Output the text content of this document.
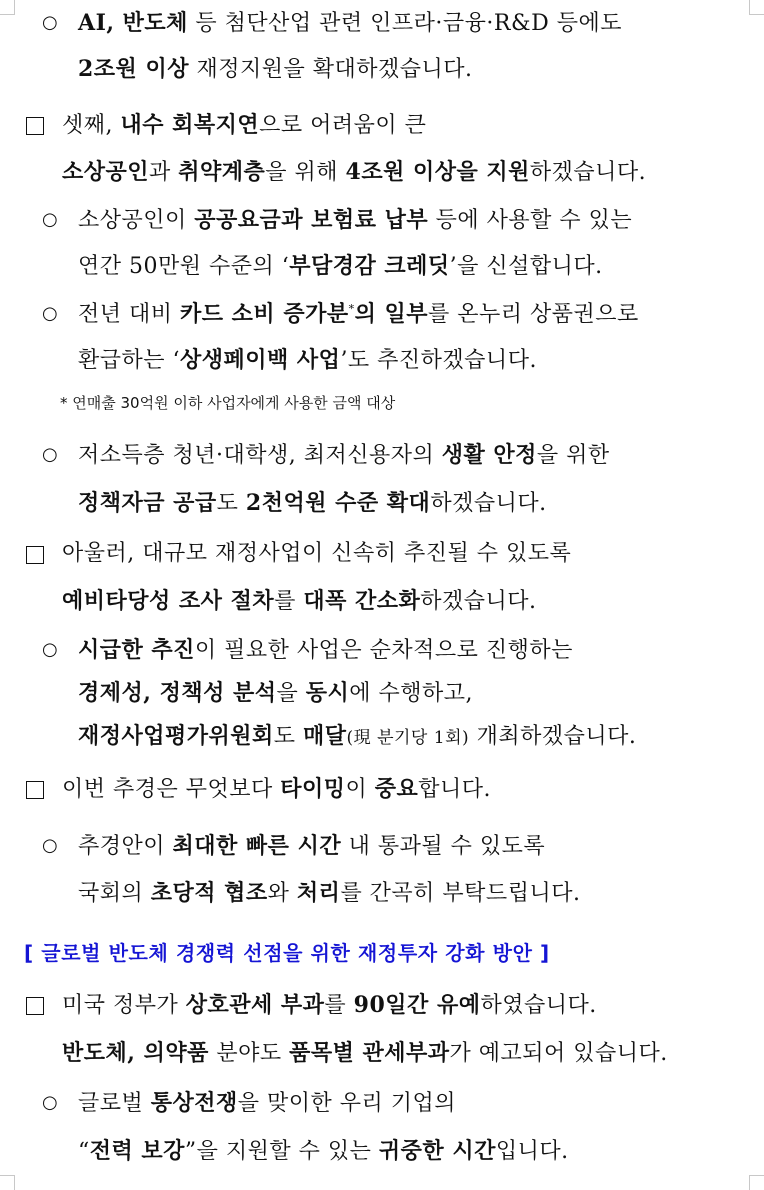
○ AI, 반도체 등 첨단산업 관련 인프라·금융·R&D 등에도
2조원 이상 재정지원을 확대하겠습니다.
셋째, 내수 회복지연으로 어려움이 큰
소상공인과 취약계층을 위해 4조원 이상을 지원하겠습니다.
○ 소상공인이 공공요금과 보험료 납부 등에 사용할 수 있는
연간 50만원 수준의 ‘부담경감 크레딧’을 신설합니다.
○ 전년 대비 카드 소비 증가분*의 일부를 온누리 상품권으로
환급하는 ‘상생페이백 사업’도 추진하겠습니다.
* 연매출 30억원 이하 사업자에게 사용한 금액 대상
○ 저소득층 청년·대학생, 최저신용자의 생활 안정을 위한
정책자금 공급도 2천억원 수준 확대하겠습니다.
아울러, 대규모 재정사업이 신속히 추진될 수 있도록
예비타당성 조사 절차를 대폭 간소화하겠습니다.
○ 시급한 추진이 필요한 사업은 순차적으로 진행하는
경제성, 정책성 분석을 동시에 수행하고,
재정사업평가위원회도 매달(現 분기당 1회) 개최하겠습니다.
이번 추경은 무엇보다 타이밍이 중요합니다.
○ 추경안이 최대한 빠른 시간 내 통과될 수 있도록
국회의 초당적 협조와 처리를 간곡히 부탁드립니다.
[ 글로벌 반도체 경쟁력 선점을 위한 재정투자 강화 방안 ]
미국 정부가 상호관세 부과를 90일간 유예하였습니다.
반도체, 의약품 분야도 품목별 관세부과가 예고되어 있습니다.
○ 글로벌 통상전쟁을 맞이한 우리 기업의
“전력 보강”을 지원할 수 있는 귀중한 시간입니다.
